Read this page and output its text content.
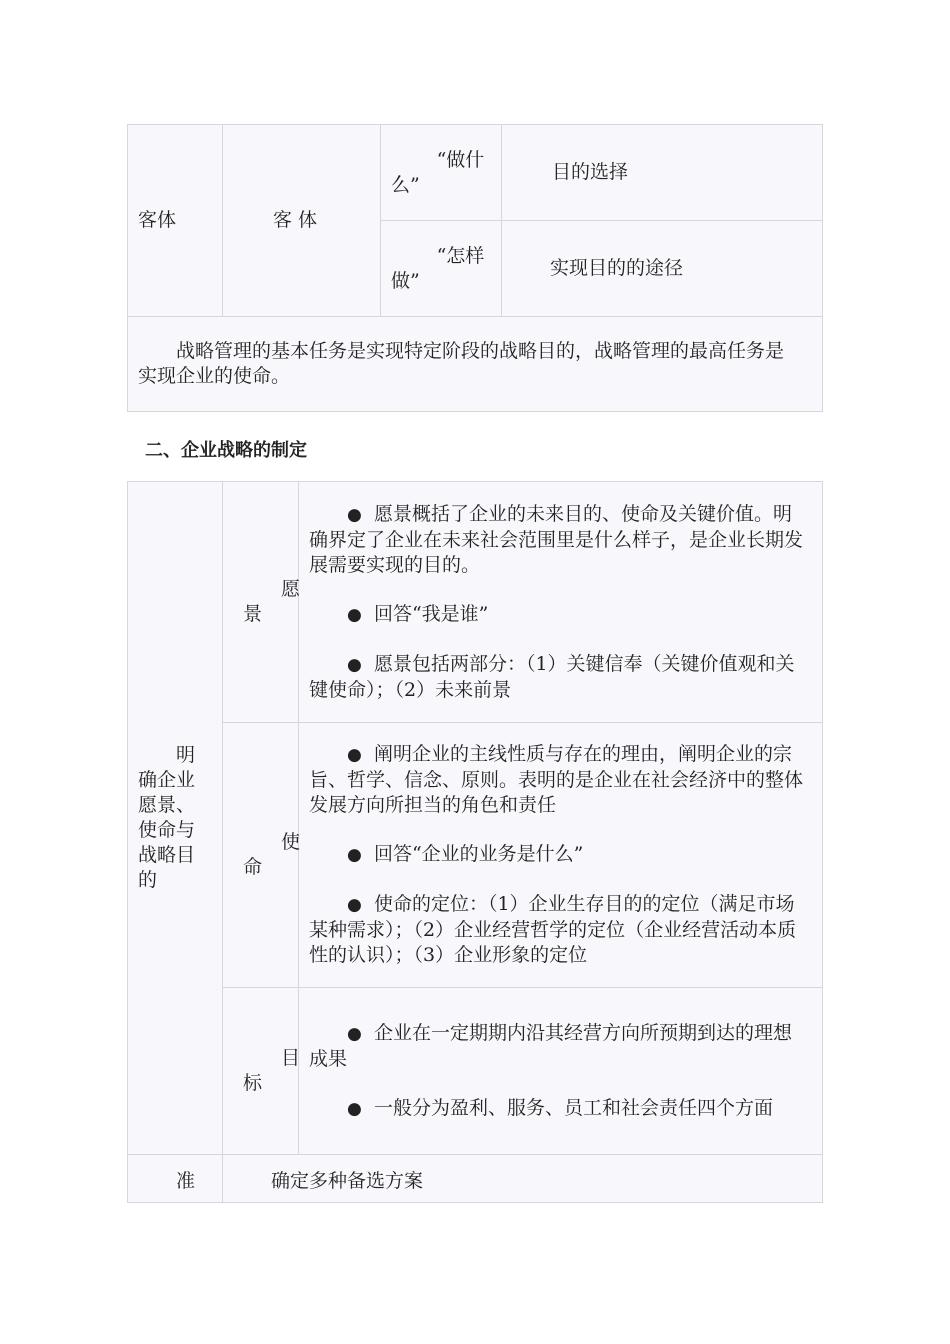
客体	客 体	“做什么”	目的选择

		“怎样做”	实现目的的途径

战略管理的基本任务是实现特定阶段的战略目的，战略管理的最高任务是实现企业的使命。			
二、企业战略的制定
明确企业愿景、使命与战略目的	愿景	● 愿景概括了企业的未来目的、使命及关键价值。明确界定了企业在未来社会范围里是什么样子，是企业长期发展需要实现的目的。

● 回答“我是谁”

● 愿景包括两部分：（1）关键信奉（关键价值观和关键使命）；（2）未来前景

	使命	● 阐明企业的主线性质与存在的理由，阐明企业的宗旨、哲学、信念、原则。表明的是企业在社会经济中的整体发展方向所担当的角色和责任

● 回答“企业的业务是什么”

● 使命的定位：（1）企业生存目的的定位（满足市场某种需求）；（2）企业经营哲学的定位（企业经营活动本质性的认识）；（3）企业形象的定位

	目标	● 企业在一定期期内沿其经营方向所预期到达的理想成果

● 一般分为盈利、服务、员工和社会责任四个方面

准	确定多种备选方案	
